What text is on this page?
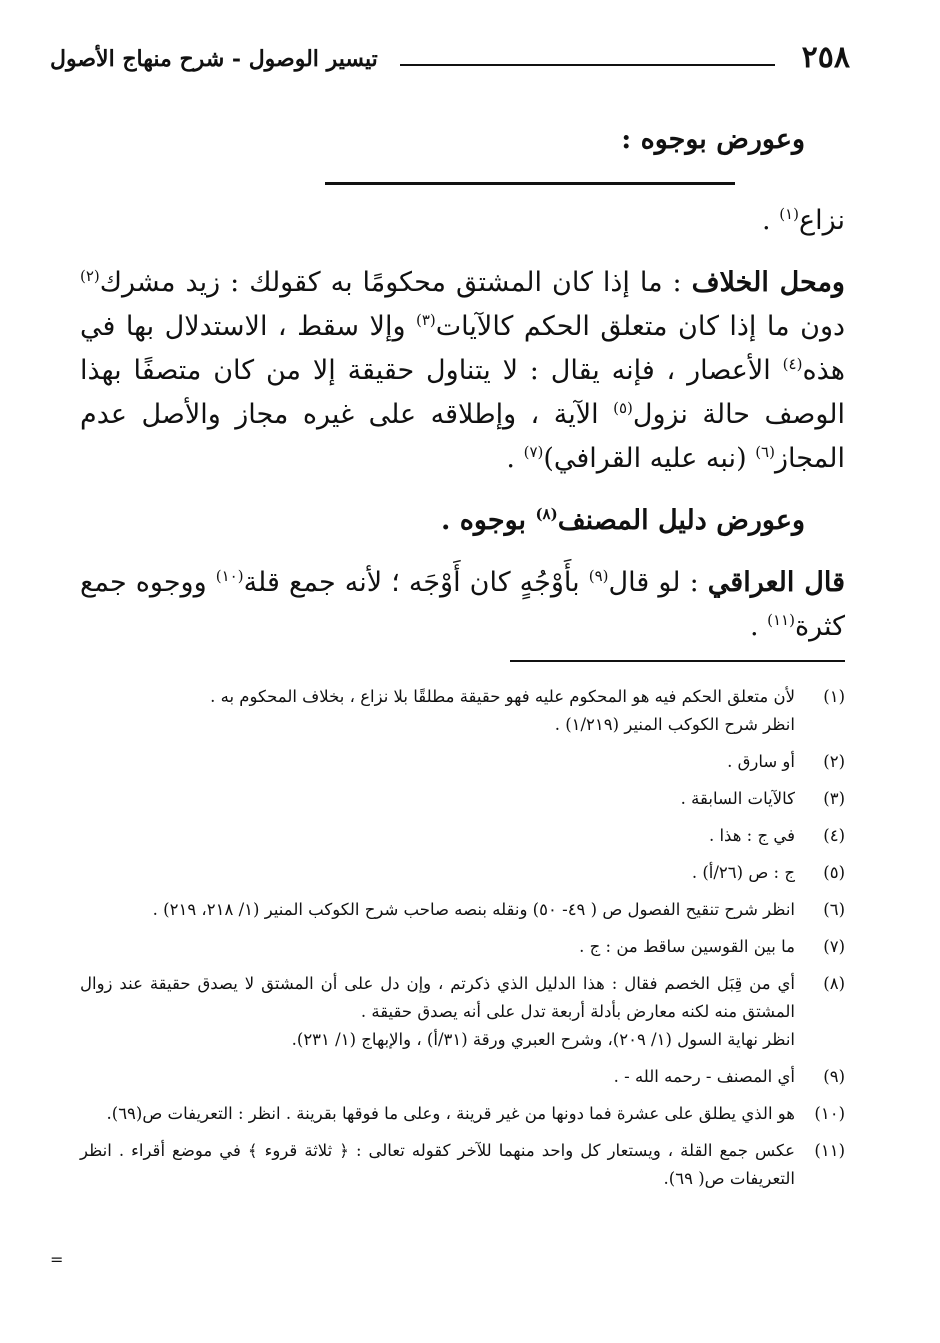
٢٥٨
تيسير الوصول - شرح منهاج الأصول

وعورض بوجوه :

نزاع$^{(١)}$ .

ومحل الخلاف : ما إذا كان المشتق محكومًا به كقولك : زيد مشرك$^{(٢)}$ دون ما إذا كان متعلق الحكم كالآيات$^{(٣)}$ وإلا سقط ، الاستدلال بها في هذه$^{(٤)}$ الأعصار ، فإنه يقال : لا يتناول حقيقة إلا من كان متصفًا بهذا الوصف حالة نزول$^{(٥)}$ الآية ، وإطلاقه على غيره مجاز والأصل عدم المجاز$^{(٦)}$ (نبه عليه القرافي)$^{(٧)}$ .

وعورض دليل المصنف$^{(٨)}$ بوجوه .

قال العراقي : لو قال$^{(٩)}$ بأَوْجُهٍ كان أَوْجَه ؛ لأنه جمع قلة$^{(١٠)}$ ووجوه جمع كثرة$^{(١١)}$ .

(١)
لأن متعلق الحكم فيه هو المحكوم عليه فهو حقيقة مطلقًا بلا نزاع ، بخلاف المحكوم به .
انظر شرح الكوكب المنير (١/٢١٩) .
(٢)
أو سارق .
(٣)
كالآيات السابقة .
(٤)
في ج : هذا .
(٥)
ج : ص (٢٦/أ) .
(٦)
انظر شرح تنقيح الفصول ص ( ٤٩- ٥٠) ونقله بنصه صاحب شرح الكوكب المنير (١/ ٢١٨، ٢١٩) .
(٧)
ما بين القوسين ساقط من : ج .
(٨)
أي من قِبَل الخصم فقال : هذا الدليل الذي ذكرتم ، وإن دل على أن المشتق لا يصدق حقيقة عند زوال المشتق منه لكنه معارض بأدلة أربعة تدل على أنه يصدق حقيقة .
انظر نهاية السول (١/ ٢٠٩)، وشرح العبري ورقة (٣١/أ) ، والإبهاج (١/ ٢٣١).
(٩)
أي المصنف - رحمه الله - .
(١٠)
هو الذي يطلق على عشرة فما دونها من غير قرينة ، وعلى ما فوقها بقرينة . انظر : التعريفات ص(٦٩).
(١١)
عكس جمع القلة ، ويستعار كل واحد منهما للآخر كقوله تعالى : ﴿ ثلاثة قروء ﴾ في موضع أقراء . انظر التعريفات ص( ٦٩).
=
